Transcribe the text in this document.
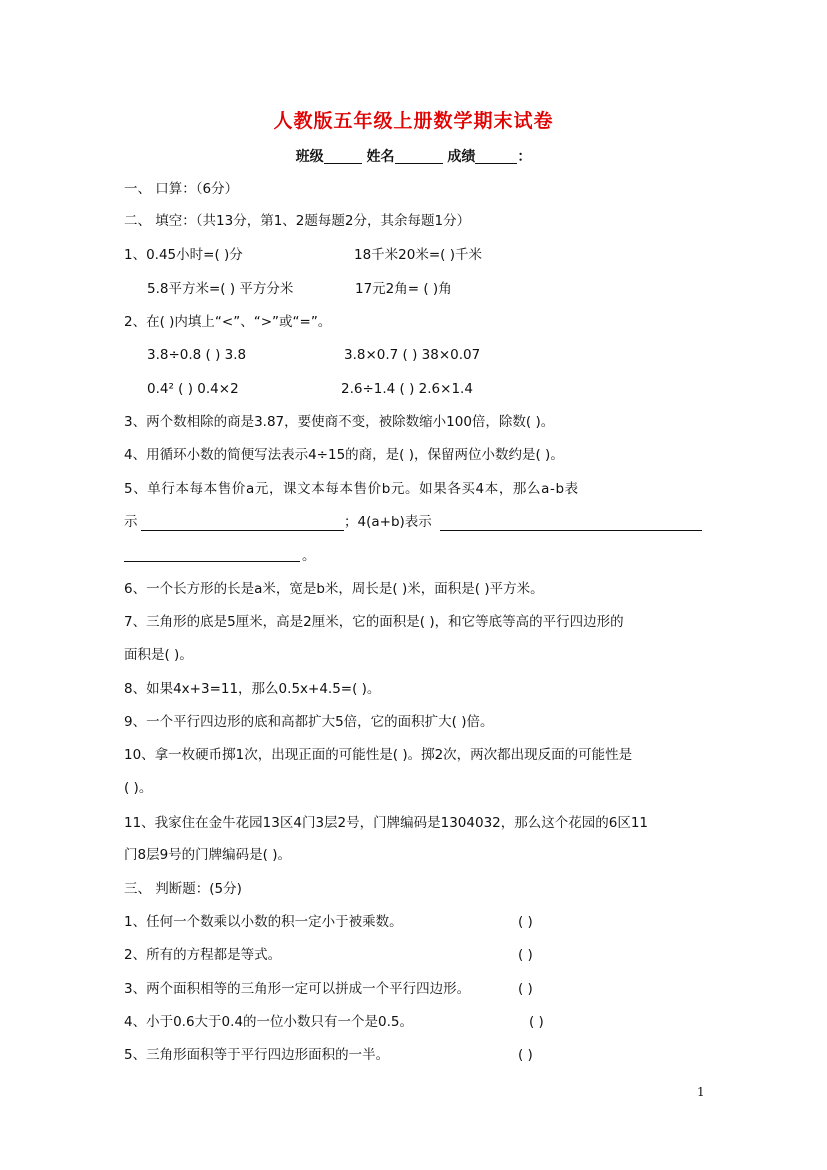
人教版五年级上册数学期末试卷
班级	姓名	成绩	：
一、 口算：（6分）
二、 填空：（共13分，第1、2题每题2分，其余每题1分）
1、0.45小时=( )分	18千米20米=( )千米
5.8平方米=( ) 平方分米	17元2角= ( )角
2、在( )内填上“<”、“>”或“=”。
3.8÷0.8 ( ) 3.8	3.8×0.7 ( ) 38×0.07
0.4² ( ) 0.4×2	2.6÷1.4 ( ) 2.6×1.4
3、两个数相除的商是3.87，要使商不变，被除数缩小100倍，除数( )。
4、用循环小数的简便写法表示4÷15的商，是( )，保留两位小数约是( )。
5、单行本每本售价a元，课文本每本售价b元。如果各买4本，那么a-b表
示	；4(a+b)表示
。
6、一个长方形的长是a米，宽是b米，周长是( )米，面积是( )平方米。
7、三角形的底是5厘米，高是2厘米，它的面积是( )，和它等底等高的平行四边形的
面积是( )。
8、如果4x+3=11，那么0.5x+4.5=( )。
9、一个平行四边形的底和高都扩大5倍，它的面积扩大( )倍。
10、拿一枚硬币掷1次，出现正面的可能性是( )。掷2次，两次都出现反面的可能性是
( )。
11、我家住在金牛花园13区4门3层2号，门牌编码是1304032，那么这个花园的6区11
门8层9号的门牌编码是( )。
三、 判断题：(5分)
1、任何一个数乘以小数的积一定小于被乘数。	( )
2、所有的方程都是等式。	( )
3、两个面积相等的三角形一定可以拼成一个平行四边形。	( )
4、小于0.6大于0.4的一位小数只有一个是0.5。	( )
5、三角形面积等于平行四边形面积的一半。	( )
1
